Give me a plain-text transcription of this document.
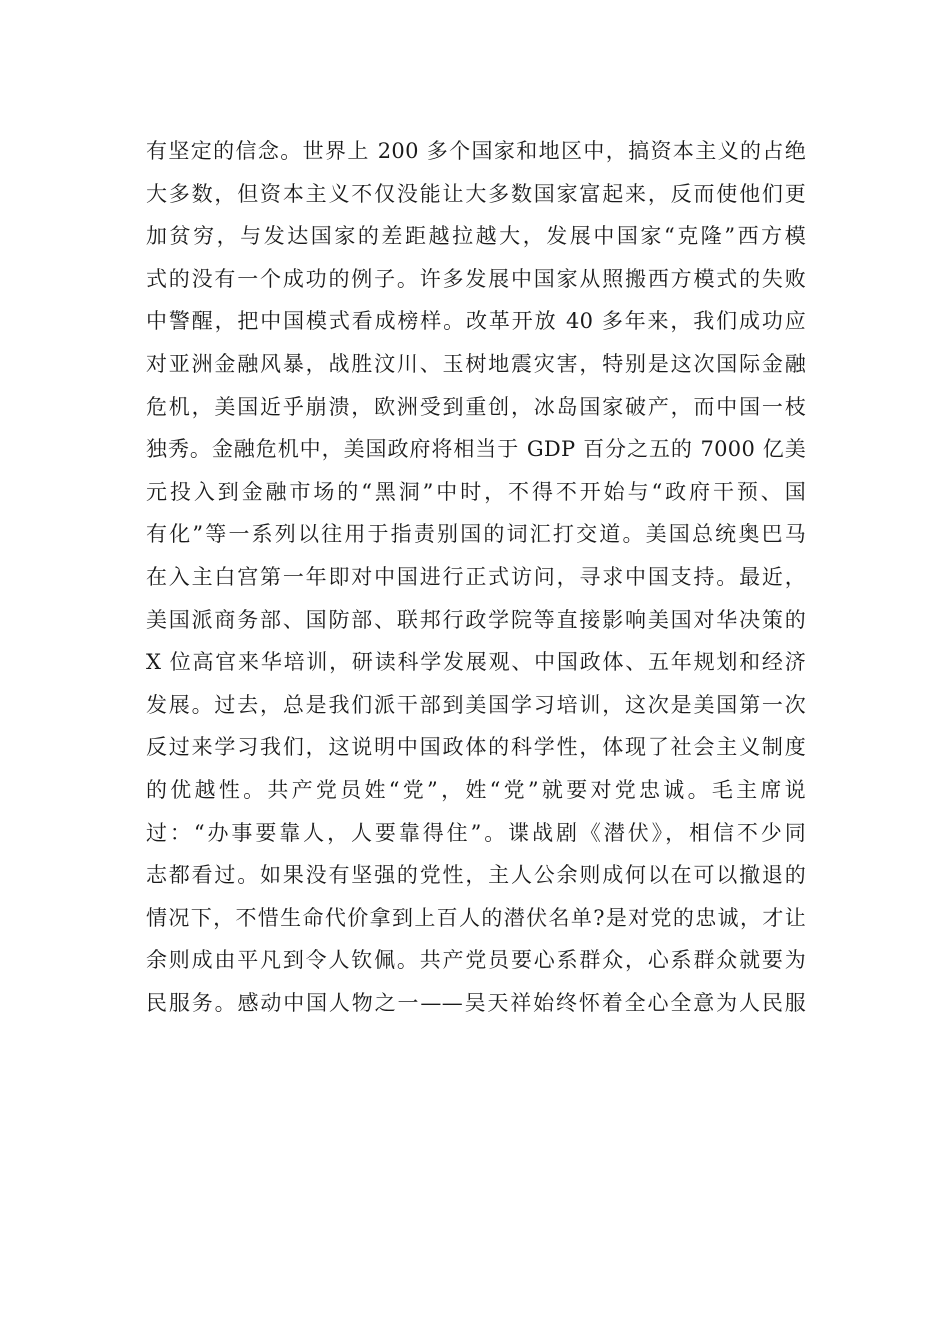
有坚定的信念。世界上 200 多个国家和地区中，搞资本主义的占绝
大多数，但资本主义不仅没能让大多数国家富起来，反而使他们更
加贫穷，与发达国家的差距越拉越大，发展中国家“克隆”西方模
式的没有一个成功的例子。许多发展中国家从照搬西方模式的失败
中警醒，把中国模式看成榜样。改革开放 40 多年来，我们成功应
对亚洲金融风暴，战胜汶川、玉树地震灾害，特别是这次国际金融
危机，美国近乎崩溃，欧洲受到重创，冰岛国家破产，而中国一枝
独秀。金融危机中，美国政府将相当于 GDP 百分之五的 7000 亿美
元投入到金融市场的“黑洞”中时，不得不开始与“政府干预、国
有化”等一系列以往用于指责别国的词汇打交道。美国总统奥巴马
在入主白宫第一年即对中国进行正式访问，寻求中国支持。最近，
美国派商务部、国防部、联邦行政学院等直接影响美国对华决策的
X 位高官来华培训，研读科学发展观、中国政体、五年规划和经济
发展。过去，总是我们派干部到美国学习培训，这次是美国第一次
反过来学习我们，这说明中国政体的科学性，体现了社会主义制度
的优越性。共产党员姓“党”，姓“党”就要对党忠诚。毛主席说
过：“办事要靠人，人要靠得住”。谍战剧《潜伏》，相信不少同
志都看过。如果没有坚强的党性，主人公余则成何以在可以撤退的
情况下，不惜生命代价拿到上百人的潜伏名单?是对党的忠诚，才让
余则成由平凡到令人钦佩。共产党员要心系群众，心系群众就要为
民服务。感动中国人物之一——吴天祥始终怀着全心全意为人民服
